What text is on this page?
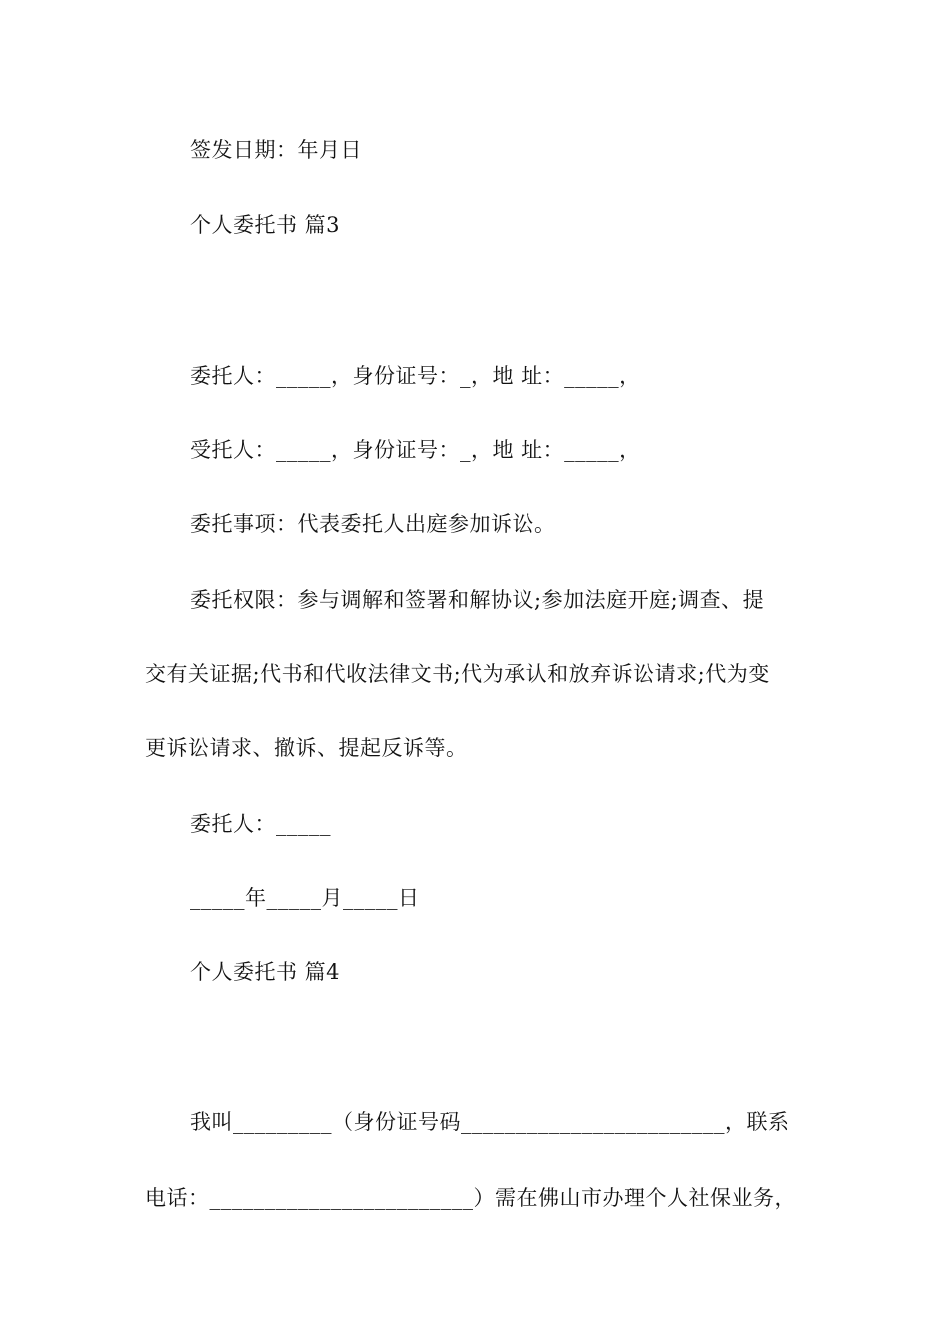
签发日期：年月日
个人委托书 篇3
委托人：_____，身份证号：_，地 址：_____，
受托人：_____，身份证号：_，地 址：_____，
委托事项：代表委托人出庭参加诉讼。
委托权限：参与调解和签署和解协议;参加法庭开庭;调查、提
交有关证据;代书和代收法律文书;代为承认和放弃诉讼请求;代为变
更诉讼请求、撤诉、提起反诉等。
委托人：_____
_____年_____月_____日
个人委托书 篇4
我叫_________（身份证号码________________________，联系
电话：________________________）需在佛山市办理个人社保业务，
